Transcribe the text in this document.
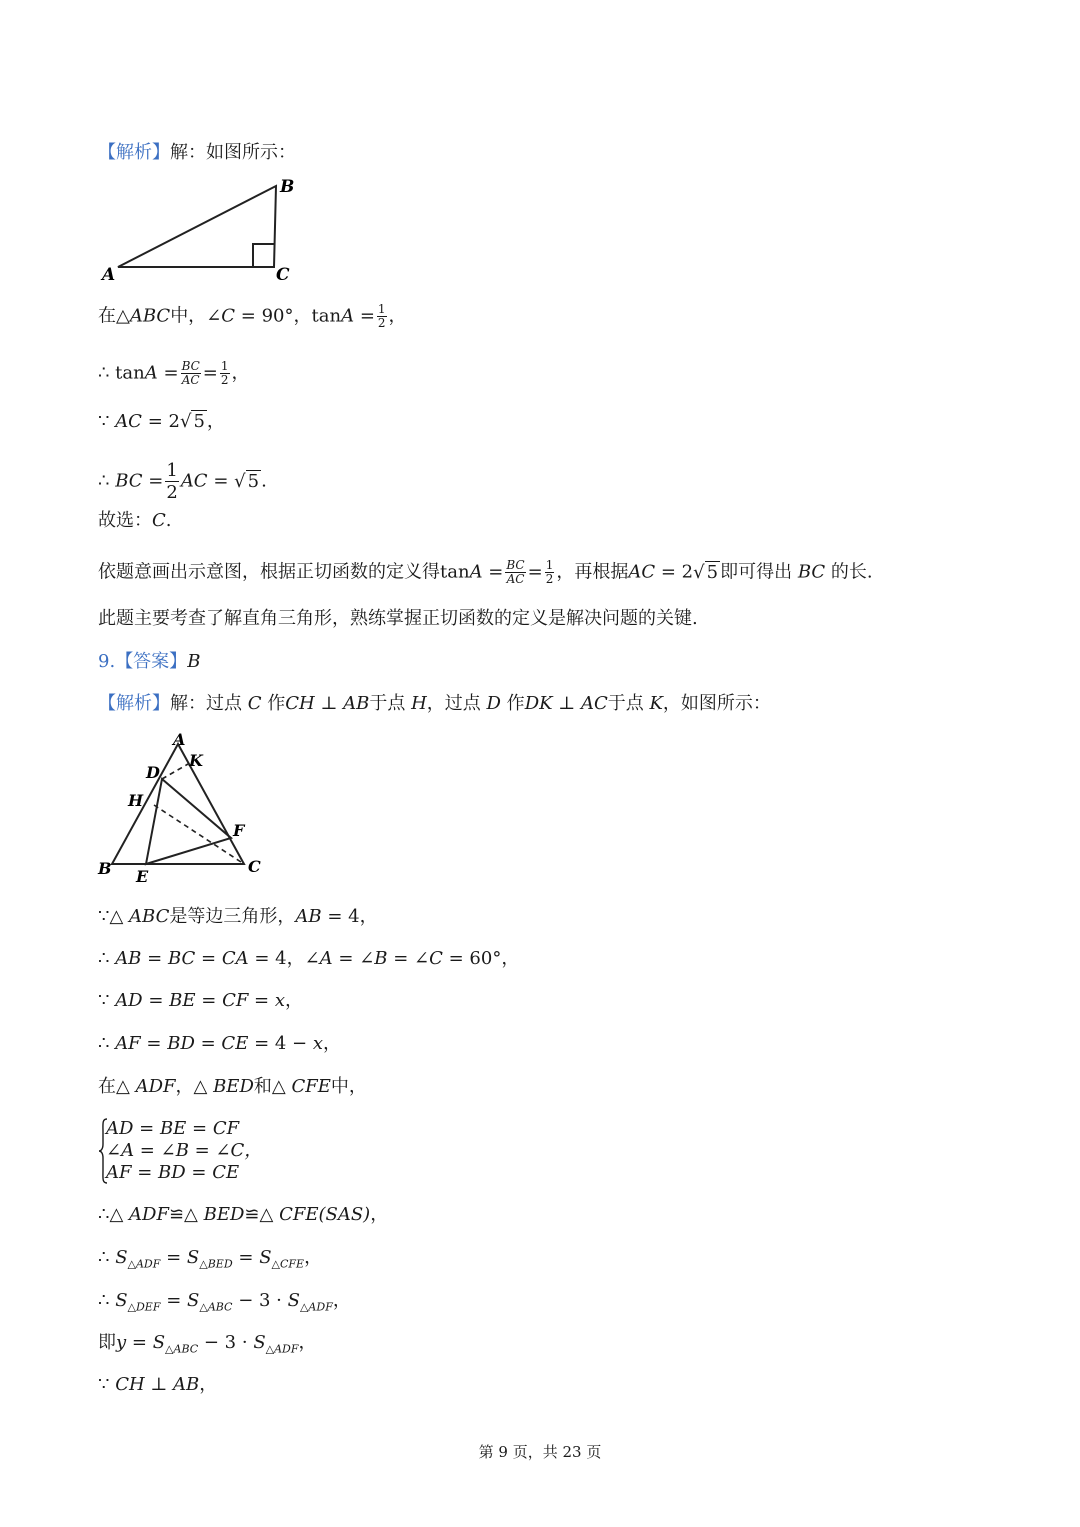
【解析】解：如图所示：
A
B
C
在△ABC中，∠C = 90°，$\tan A = \frac{1}{2}$ ，
∴ $\tan A = \frac{BC}{AC} = \frac{1}{2}$ ，
∵ AC = 2√ 5 ，
∴ BC = $\frac{1}{2}$ AC = √ 5 .
故选：C.
依题意画出示意图，根据正切函数的定义得$\tan A = \frac{BC}{AC} = \frac{1}{2}$ ，再根据AC = 2√ 5 即可得出 BC 的长.
此题主要考查了解直角三角形，熟练掌握正切函数的定义是解决问题的关键.
9.【答案】B
【解析】解：过点 C 作CH ⊥ AB于点 H，过点 D 作DK ⊥ AC于点 K，如图所示：
A
K
D
H
F
B E
C
∵△ ABC是等边三角形，AB = 4，
∴ AB = BC = CA = 4，∠A = ∠B = ∠C = 60°，
∵ AD = BE = CF = x，
∴ AF = BD = CE = 4 − x，
在△ ADF，△ BED和△ CFE中，
AD = BE = CF
∠A = ∠B = ∠C，
AF = BD = CE
∴△ ADF≌△ BED≌△ CFE(SAS)，
∴ $S_{\triangle ADF} = S_{\triangle BED} = S_{\triangle CFE}$，
∴ $S_{\triangle DEF} = S_{\triangle ABC} - 3 \cdot S_{\triangle ADF}$，
即$y = S_{\triangle ABC} - 3 \cdot S_{\triangle ADF}$，
∵ CH ⊥ AB，
第 9 页，共 23 页
